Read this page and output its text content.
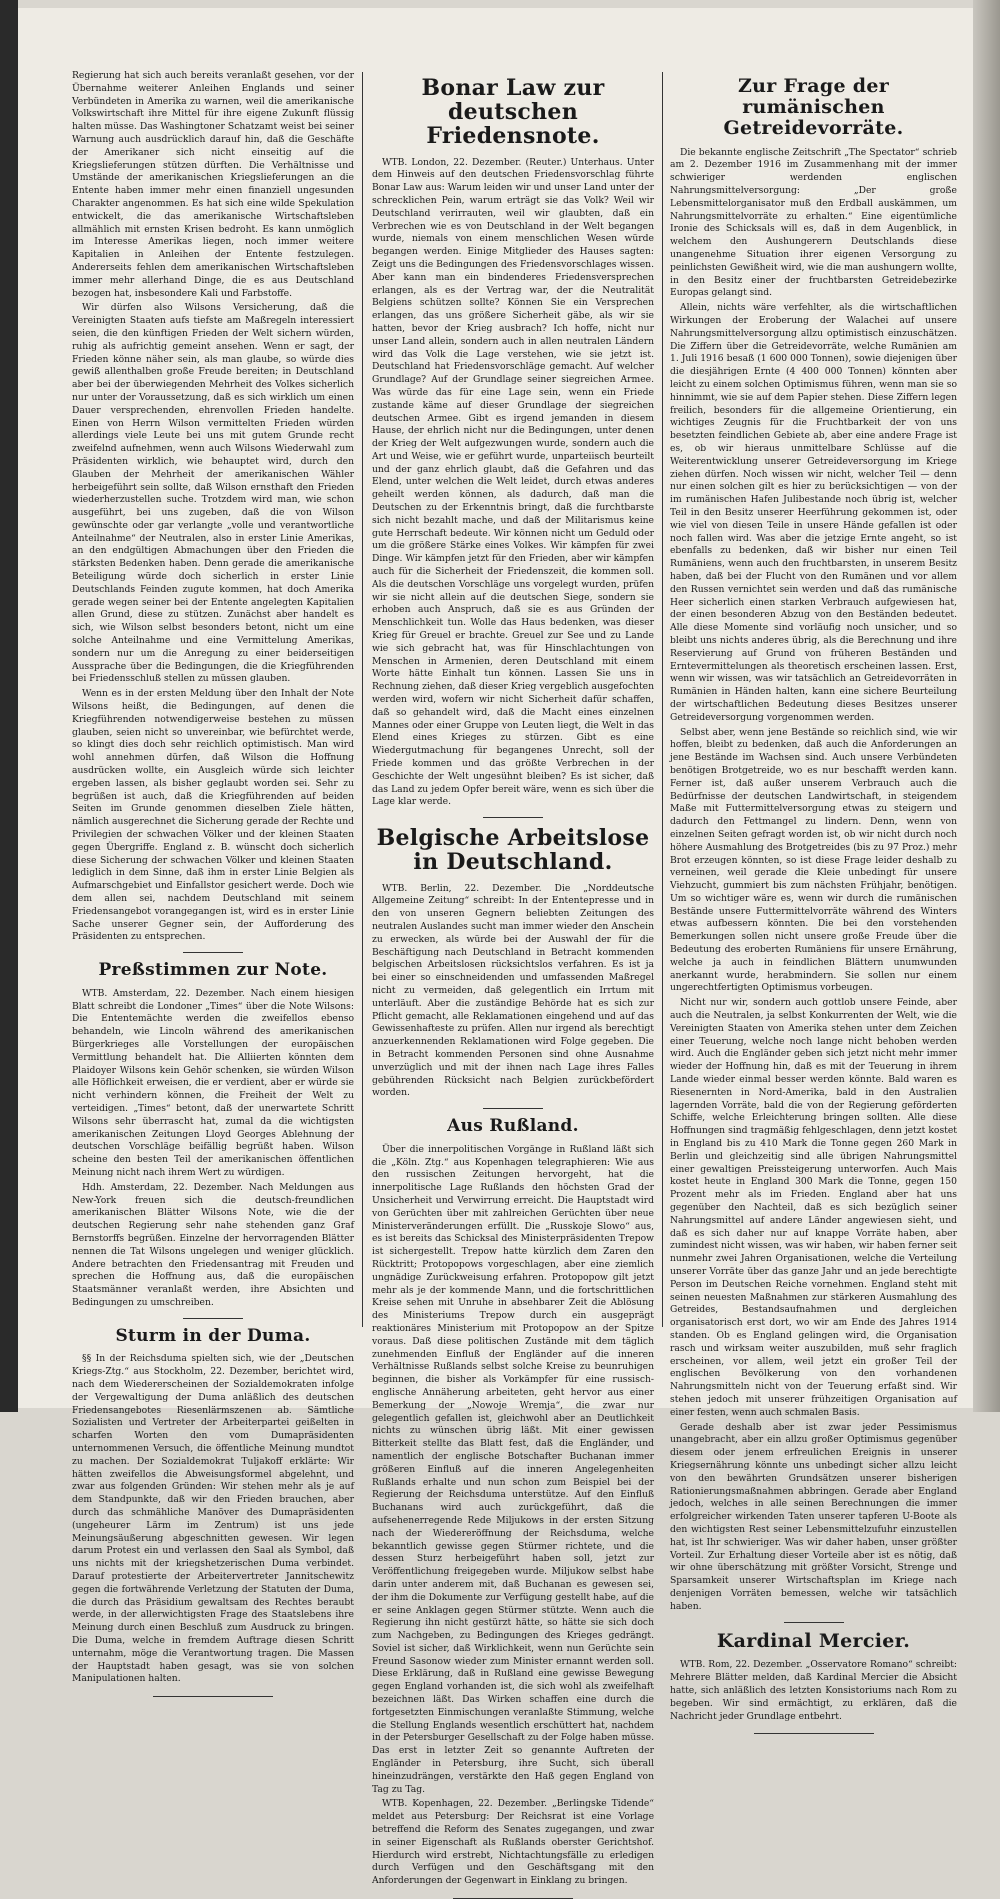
Regierung hat sich auch bereits veranlaßt gesehen, vor der Übernahme weiterer Anleihen Englands und seiner Verbündeten in Amerika zu warnen, weil die amerikanische Volkswirtschaft ihre Mittel für ihre eigene Zukunft flüssig halten müsse. Das Washingtoner Schatzamt weist bei seiner Warnung auch ausdrücklich darauf hin, daß die Geschäfte der Amerikaner sich nicht einseitig auf die Kriegslieferungen stützen dürften. Die Verhältnisse und Umstände der amerikanischen Kriegslieferungen an die Entente haben immer mehr einen finanziell ungesunden Charakter angenommen. Es hat sich eine wilde Spekulation entwickelt, die das amerikanische Wirtschaftsleben allmählich mit ernsten Krisen bedroht. Es kann unmöglich im Interesse Amerikas liegen, noch immer weitere Kapitalien in Anleihen der Entente festzulegen. Andererseits fehlen dem amerikanischen Wirtschaftsleben immer mehr allerhand Dinge, die es aus Deutschland bezogen hat, insbesondere Kali und Farbstoffe.

Wir dürfen also Wilsons Versicherung, daß die Vereinigten Staaten aufs tiefste am Maßregeln interessiert seien, die den künftigen Frieden der Welt sichern würden, ruhig als aufrichtig gemeint ansehen. Wenn er sagt, der Frieden könne näher sein, als man glaube, so würde dies gewiß allenthalben große Freude bereiten; in Deutschland aber bei der überwiegenden Mehrheit des Volkes sicherlich nur unter der Voraussetzung, daß es sich wirklich um einen Dauer versprechenden, ehrenvollen Frieden handelte. Einen von Herrn Wilson vermittelten Frieden würden allerdings viele Leute bei uns mit gutem Grunde recht zweifelnd aufnehmen, wenn auch Wilsons Wiederwahl zum Präsidenten wirklich, wie behauptet wird, durch den Glauben der Mehrheit der amerikanischen Wähler herbeigeführt sein sollte, daß Wilson ernsthaft den Frieden wiederherzustellen suche. Trotzdem wird man, wie schon ausgeführt, bei uns zugeben, daß die von Wilson gewünschte oder gar verlangte „volle und verantwortliche Anteilnahme“ der Neutralen, also in erster Linie Amerikas, an den endgültigen Abmachungen über den Frieden die stärksten Bedenken haben. Denn gerade die amerikanische Beteiligung würde doch sicherlich in erster Linie Deutschlands Feinden zugute kommen, hat doch Amerika gerade wegen seiner bei der Entente angelegten Kapitalien allen Grund, diese zu stützen. Zunächst aber handelt es sich, wie Wilson selbst besonders betont, nicht um eine solche Anteilnahme und eine Vermittelung Amerikas, sondern nur um die Anregung zu einer beiderseitigen Aussprache über die Bedingungen, die die Kriegführenden bei Friedensschluß stellen zu müssen glauben.

Wenn es in der ersten Meldung über den Inhalt der Note Wilsons heißt, die Bedingungen, auf denen die Kriegführenden notwendigerweise bestehen zu müssen glauben, seien nicht so unvereinbar, wie befürchtet werde, so klingt dies doch sehr reichlich optimistisch. Man wird wohl annehmen dürfen, daß Wilson die Hoffnung ausdrücken wollte, ein Ausgleich würde sich leichter ergeben lassen, als bisher geglaubt worden sei. Sehr zu begrüßen ist auch, daß die Kriegführenden auf beiden Seiten im Grunde genommen dieselben Ziele hätten, nämlich ausgerechnet die Sicherung gerade der Rechte und Privilegien der schwachen Völker und der kleinen Staaten gegen Übergriffe. England z. B. wünscht doch sicherlich diese Sicherung der schwachen Völker und kleinen Staaten lediglich in dem Sinne, daß ihm in erster Linie Belgien als Aufmarschgebiet und Einfallstor gesichert werde. Doch wie dem allen sei, nachdem Deutschland mit seinem Friedensangebot vorangegangen ist, wird es in erster Linie Sache unserer Gegner sein, der Aufforderung des Präsidenten zu entsprechen.

Preßstimmen zur Note.

WTB. Amsterdam, 22. Dezember. Nach einem hiesigen Blatt schreibt die Londoner „Times“ über die Note Wilsons: Die Ententemächte werden die zweifellos ebenso behandeln, wie Lincoln während des amerikanischen Bürgerkrieges alle Vorstellungen der europäischen Vermittlung behandelt hat. Die Alliierten könnten dem Plaidoyer Wilsons kein Gehör schenken, sie würden Wilson alle Höflichkeit erweisen, die er verdient, aber er würde sie nicht verhindern können, die Freiheit der Welt zu verteidigen. „Times“ betont, daß der unerwartete Schritt Wilsons sehr überrascht hat, zumal da die wichtigsten amerikanischen Zeitungen Lloyd Georges Ablehnung der deutschen Vorschläge beifällig begrüßt haben. Wilson scheine den besten Teil der amerikanischen öffentlichen Meinung nicht nach ihrem Wert zu würdigen.

Hdh. Amsterdam, 22. Dezember. Nach Meldungen aus New-York freuen sich die deutsch-freundlichen amerikanischen Blätter Wilsons Note, wie die der deutschen Regierung sehr nahe stehenden ganz Graf Bernstorffs begrüßen. Einzelne der hervorragenden Blätter nennen die Tat Wilsons ungelegen und weniger glücklich. Andere betrachten den Friedensantrag mit Freuden und sprechen die Hoffnung aus, daß die europäischen Staatsmänner veranlaßt werden, ihre Absichten und Bedingungen zu umschreiben.

Sturm in der Duma.

§§ In der Reichsduma spielten sich, wie der „Deutschen Kriegs-Ztg.“ aus Stockholm, 22. Dezember, berichtet wird, nach dem Wiedererscheinen der Sozialdemokraten infolge der Vergewaltigung der Duma anläßlich des deutschen Friedensangebotes Riesenlärmszenen ab. Sämtliche Sozialisten und Vertreter der Arbeiterpartei geißelten in scharfen Worten den vom Dumapräsidenten unternommenen Versuch, die öffentliche Meinung mundtot zu machen. Der Sozialdemokrat Tuljakoff erklärte: Wir hätten zweifellos die Abweisungsformel abgelehnt, und zwar aus folgenden Gründen: Wir stehen mehr als je auf dem Standpunkte, daß wir den Frieden brauchen, aber durch das schmähliche Manöver des Dumapräsidenten (ungeheurer Lärm im Zentrum) ist uns jede Meinungsäußerung abgeschnitten gewesen. Wir legen darum Protest ein und verlassen den Saal als Symbol, daß uns nichts mit der kriegshetzerischen Duma verbindet. Darauf protestierte der Arbeitervertreter Jannitschewitz gegen die fortwährende Verletzung der Statuten der Duma, die durch das Präsidium gewaltsam des Rechtes beraubt werde, in der allerwichtigsten Frage des Staatslebens ihre Meinung durch einen Beschluß zum Ausdruck zu bringen. Die Duma, welche in fremdem Auftrage diesen Schritt unternahm, möge die Verantwortung tragen. Die Massen der Hauptstadt haben gesagt, was sie von solchen Manipulationen halten.

Bonar Law zur deutschen Friedensnote.

WTB. London, 22. Dezember. (Reuter.) Unterhaus. Unter dem Hinweis auf den deutschen Friedensvorschlag führte Bonar Law aus: Warum leiden wir und unser Land unter der schrecklichen Pein, warum erträgt sie das Volk? Weil wir Deutschland verirrauten, weil wir glaubten, daß ein Verbrechen wie es von Deutschland in der Welt begangen wurde, niemals von einem menschlichen Wesen würde begangen werden. Einige Mitglieder des Hauses sagten: Zeigt uns die Bedingungen des Friedensvorschlages wissen. Aber kann man ein bindenderes Friedensversprechen erlangen, als es der Vertrag war, der die Neutralität Belgiens schützen sollte? Können Sie ein Versprechen erlangen, das uns größere Sicherheit gäbe, als wir sie hatten, bevor der Krieg ausbrach? Ich hoffe, nicht nur unser Land allein, sondern auch in allen neutralen Ländern wird das Volk die Lage verstehen, wie sie jetzt ist. Deutschland hat Friedensvorschläge gemacht. Auf welcher Grundlage? Auf der Grundlage seiner siegreichen Armee. Was würde das für eine Lage sein, wenn ein Friede zustande käme auf dieser Grundlage der siegreichen deutschen Armee. Gibt es irgend jemanden in diesem Hause, der ehrlich nicht nur die Bedingungen, unter denen der Krieg der Welt aufgezwungen wurde, sondern auch die Art und Weise, wie er geführt wurde, unparteiisch beurteilt und der ganz ehrlich glaubt, daß die Gefahren und das Elend, unter welchen die Welt leidet, durch etwas anderes geheilt werden können, als dadurch, daß man die Deutschen zu der Erkenntnis bringt, daß die furchtbarste sich nicht bezahlt mache, und daß der Militarismus keine gute Herrschaft bedeute. Wir können nicht um Geduld oder um die größere Stärke eines Volkes. Wir kämpfen für zwei Dinge. Wir kämpfen jetzt für den Frieden, aber wir kämpfen auch für die Sicherheit der Friedenszeit, die kommen soll. Als die deutschen Vorschläge uns vorgelegt wurden, prüfen wir sie nicht allein auf die deutschen Siege, sondern sie erhoben auch Anspruch, daß sie es aus Gründen der Menschlichkeit tun. Wolle das Haus bedenken, was dieser Krieg für Greuel er brachte. Greuel zur See und zu Lande wie sich gebracht hat, was für Hinschlachtungen von Menschen in Armenien, deren Deutschland mit einem Worte hätte Einhalt tun können. Lassen Sie uns in Rechnung ziehen, daß dieser Krieg vergeblich ausgefochten werden wird, wofern wir nicht Sicherheit dafür schaffen, daß so gehandelt wird, daß die Macht eines einzelnen Mannes oder einer Gruppe von Leuten liegt, die Welt in das Elend eines Krieges zu stürzen. Gibt es eine Wiedergutmachung für begangenes Unrecht, soll der Friede kommen und das größte Verbrechen in der Geschichte der Welt ungesühnt bleiben? Es ist sicher, daß das Land zu jedem Opfer bereit wäre, wenn es sich über die Lage klar werde.

Belgische Arbeitslose in Deutschland.

WTB. Berlin, 22. Dezember. Die „Norddeutsche Allgemeine Zeitung“ schreibt: In der Ententepresse und in den von unseren Gegnern beliebten Zeitungen des neutralen Auslandes sucht man immer wieder den Anschein zu erwecken, als würde bei der Auswahl der für die Beschäftigung nach Deutschland in Betracht kommenden belgischen Arbeitslosen rücksichtslos verfahren. Es ist ja bei einer so einschneidenden und umfassenden Maßregel nicht zu vermeiden, daß gelegentlich ein Irrtum mit unterläuft. Aber die zuständige Behörde hat es sich zur Pflicht gemacht, alle Reklamationen eingehend und auf das Gewissenhafteste zu prüfen. Allen nur irgend als berechtigt anzuerkennenden Reklamationen wird Folge gegeben. Die in Betracht kommenden Personen sind ohne Ausnahme unverzüglich und mit der ihnen nach Lage ihres Falles gebührenden Rücksicht nach Belgien zurückbefördert worden.

Aus Rußland.

Über die innerpolitischen Vorgänge in Rußland läßt sich die „Köln. Ztg.“ aus Kopenhagen telegraphieren: Wie aus den russischen Zeitungen hervorgeht, hat die innerpolitische Lage Rußlands den höchsten Grad der Unsicherheit und Verwirrung erreicht. Die Hauptstadt wird von Gerüchten über mit zahlreichen Gerüchten über neue Ministerveränderungen erfüllt. Die „Russkoje Slowo“ aus, es ist bereits das Schicksal des Ministerpräsidenten Trepow ist sichergestellt. Trepow hatte kürzlich dem Zaren den Rücktritt; Protopopows vorgeschlagen, aber eine ziemlich ungnädige Zurückweisung erfahren. Protopopow gilt jetzt mehr als je der kommende Mann, und die fortschrittlichen Kreise sehen mit Unruhe in absehbarer Zeit die Ablösung des Ministeriums Trepow durch ein ausgeprägt reaktionäres Ministerium mit Protopopow an der Spitze voraus. Daß diese politischen Zustände mit dem täglich zunehmenden Einfluß der Engländer auf die inneren Verhältnisse Rußlands selbst solche Kreise zu beunruhigen beginnen, die bisher als Vorkämpfer für eine russisch-englische Annäherung arbeiteten, geht hervor aus einer Bemerkung der „Nowoje Wremja“, die zwar nur gelegentlich gefallen ist, gleichwohl aber an Deutlichkeit nichts zu wünschen übrig läßt. Mit einer gewissen Bitterkeit stellte das Blatt fest, daß die Engländer, und namentlich der englische Botschafter Buchanan immer größeren Einfluß auf die inneren Angelegenheiten Rußlands erhalte und nun schon zum Beispiel bei der Regierung der Reichsduma unterstütze. Auf den Einfluß Buchanans wird auch zurückgeführt, daß die aufsehenerregende Rede Miljukows in der ersten Sitzung nach der Wiedereröffnung der Reichsduma, welche bekanntlich gewisse gegen Stürmer richtete, und die dessen Sturz herbeigeführt haben soll, jetzt zur Veröffentlichung freigegeben wurde. Miljukow selbst habe darin unter anderem mit, daß Buchanan es gewesen sei, der ihm die Dokumente zur Verfügung gestellt habe, auf die er seine Anklagen gegen Stürmer stützte. Wenn auch die Regierung ihn nicht gestürzt hätte, so hätte sie sich doch zum Nachgeben, zu Bedingungen des Krieges gedrängt. Soviel ist sicher, daß Wirklichkeit, wenn nun Gerüchte sein Freund Sasonow wieder zum Minister ernannt werden soll. Diese Erklärung, daß in Rußland eine gewisse Bewegung gegen England vorhanden ist, die sich wohl als zweifelhaft bezeichnen läßt. Das Wirken schaffen eine durch die fortgesetzten Einmischungen veranlaßte Stimmung, welche die Stellung Englands wesentlich erschüttert hat, nachdem in der Petersburger Gesellschaft zu der Folge haben müsse. Das erst in letzter Zeit so genannte Auftreten der Engländer in Petersburg, ihre Sucht, sich überall hineinzudrängen, verstärkte den Haß gegen England von Tag zu Tag.

WTB. Kopenhagen, 22. Dezember. „Berlingske Tidende“ meldet aus Petersburg: Der Reichsrat ist eine Vorlage betreffend die Reform des Senates zugegangen, und zwar in seiner Eigenschaft als Rußlands oberster Gerichtshof. Hierdurch wird erstrebt, Nichtachtungsfälle zu erledigen durch Verfügen und den Geschäftsgang mit den Anforderungen der Gegenwart in Einklang zu bringen.

Zur Frage der rumänischen Getreidevorräte.

Die bekannte englische Zeitschrift „The Spectator“ schrieb am 2. Dezember 1916 im Zusammenhang mit der immer schwieriger werdenden englischen Nahrungsmittelversorgung: „Der große Lebensmittelorganisator muß den Erdball auskämmen, um Nahrungsmittelvorräte zu erhalten.“ Eine eigentümliche Ironie des Schicksals will es, daß in dem Augenblick, in welchem den Aushungerern Deutschlands diese unangenehme Situation ihrer eigenen Versorgung zu peinlichsten Gewißheit wird, wie die man aushungern wollte, in den Besitz einer der fruchtbarsten Getreidebezirke Europas gelangt sind.

Allein, nichts wäre verfehlter, als die wirtschaftlichen Wirkungen der Eroberung der Walachei auf unsere Nahrungsmittelversorgung allzu optimistisch einzuschätzen. Die Ziffern über die Getreidevorräte, welche Rumänien am 1. Juli 1916 besaß (1 600 000 Tonnen), sowie diejenigen über die diesjährigen Ernte (4 400 000 Tonnen) könnten aber leicht zu einem solchen Optimismus führen, wenn man sie so hinnimmt, wie sie auf dem Papier stehen. Diese Ziffern legen freilich, besonders für die allgemeine Orientierung, ein wichtiges Zeugnis für die Fruchtbarkeit der von uns besetzten feindlichen Gebiete ab, aber eine andere Frage ist es, ob wir hieraus unmittelbare Schlüsse auf die Weiterentwicklung unserer Getreideversorgung im Kriege ziehen dürfen. Noch wissen wir nicht, welcher Teil — denn nur einen solchen gilt es hier zu berücksichtigen — von der im rumänischen Hafen Julibestande noch übrig ist, welcher Teil in den Besitz unserer Heerführung gekommen ist, oder wie viel von diesen Teile in unsere Hände gefallen ist oder noch fallen wird. Was aber die jetzige Ernte angeht, so ist ebenfalls zu bedenken, daß wir bisher nur einen Teil Rumäniens, wenn auch den fruchtbarsten, in unserem Besitz haben, daß bei der Flucht von den Rumänen und vor allem den Russen vernichtet sein werden und daß das rumänische Heer sicherlich einen starken Verbrauch aufgewiesen hat, der einen besonderen Abzug von den Beständen bedeutet. Alle diese Momente sind vorläufig noch unsicher, und so bleibt uns nichts anderes übrig, als die Berechnung und ihre Reservierung auf Grund von früheren Beständen und Erntevermittelungen als theoretisch erscheinen lassen. Erst, wenn wir wissen, was wir tatsächlich an Getreidevorräten in Rumänien in Händen halten, kann eine sichere Beurteilung der wirtschaftlichen Bedeutung dieses Besitzes unserer Getreideversorgung vorgenommen werden.

Selbst aber, wenn jene Bestände so reichlich sind, wie wir hoffen, bleibt zu bedenken, daß auch die Anforderungen an jene Bestände im Wachsen sind. Auch unsere Verbündeten benötigen Brotgetreide, wo es nur beschafft werden kann. Ferner ist, daß außer unserem Verbrauch auch die Bedürfnisse der deutschen Landwirtschaft, in steigendem Maße mit Futtermittelversorgung etwas zu steigern und dadurch den Fettmangel zu lindern. Denn, wenn von einzelnen Seiten gefragt worden ist, ob wir nicht durch noch höhere Ausmahlung des Brotgetreides (bis zu 97 Proz.) mehr Brot erzeugen könnten, so ist diese Frage leider deshalb zu verneinen, weil gerade die Kleie unbedingt für unsere Viehzucht, gummiert bis zum nächsten Frühjahr, benötigen. Um so wichtiger wäre es, wenn wir durch die rumänischen Bestände unsere Futtermittelvorräte während des Winters etwas aufbessern könnten. Die bei den vorstehenden Bemerkungen sollen nicht unsere große Freude über die Bedeutung des eroberten Rumäniens für unsere Ernährung, welche ja auch in feindlichen Blättern unumwunden anerkannt wurde, herabmindern. Sie sollen nur einem ungerechtfertigten Optimismus vorbeugen.

Nicht nur wir, sondern auch gottlob unsere Feinde, aber auch die Neutralen, ja selbst Konkurrenten der Welt, wie die Vereinigten Staaten von Amerika stehen unter dem Zeichen einer Teuerung, welche noch lange nicht behoben werden wird. Auch die Engländer geben sich jetzt nicht mehr immer wieder der Hoffnung hin, daß es mit der Teuerung in ihrem Lande wieder einmal besser werden könnte. Bald waren es Riesenernten in Nord-Amerika, bald in den Australien lagernden Vorräte, bald die von der Regierung geförderten Schiffe, welche Erleichterung bringen sollten. Alle diese Hoffnungen sind tragmäßig fehlgeschlagen, denn jetzt kostet in England bis zu 410 Mark die Tonne gegen 260 Mark in Berlin und gleichzeitig sind alle übrigen Nahrungsmittel einer gewaltigen Preissteigerung unterworfen. Auch Mais kostet heute in England 300 Mark die Tonne, gegen 150 Prozent mehr als im Frieden. England aber hat uns gegenüber den Nachteil, daß es sich bezüglich seiner Nahrungsmittel auf andere Länder angewiesen sieht, und daß es sich daher nur auf knappe Vorräte haben, aber zumindest nicht wissen, was wir haben, wir haben ferner seit nunmehr zwei Jahren Organisationen, welche die Verteilung unserer Vorräte über das ganze Jahr und an jede berechtigte Person im Deutschen Reiche vornehmen. England steht mit seinen neuesten Maßnahmen zur stärkeren Ausmahlung des Getreides, Bestandsaufnahmen und dergleichen organisatorisch erst dort, wo wir am Ende des Jahres 1914 standen. Ob es England gelingen wird, die Organisation rasch und wirksam weiter auszubilden, muß sehr fraglich erscheinen, vor allem, weil jetzt ein großer Teil der englischen Bevölkerung von den vorhandenen Nahrungsmitteln nicht von der Teuerung erfaßt sind. Wir stehen jedoch mit unserer frühzeitigen Organisation auf einer festen, wenn auch schmalen Basis.

Gerade deshalb aber ist zwar jeder Pessimismus unangebracht, aber ein allzu großer Optimismus gegenüber diesem oder jenem erfreulichen Ereignis in unserer Kriegsernährung könnte uns unbedingt sicher allzu leicht von den bewährten Grundsätzen unserer bisherigen Rationierungsmaßnahmen abbringen. Gerade aber England jedoch, welches in alle seinen Berechnungen die immer erfolgreicher wirkenden Taten unserer tapferen U-Boote als den wichtigsten Rest seiner Lebensmittelzufuhr einzustellen hat, ist Ihr schwieriger. Was wir daher haben, unser größter Vorteil. Zur Erhaltung dieser Vorteile aber ist es nötig, daß wir ohne überschätzung mit größter Vorsicht, Strenge und Sparsamkeit unserer Wirtschaftsplan im Kriege nach denjenigen Vorräten bemessen, welche wir tatsächlich haben.

Kardinal Mercier.

WTB. Rom, 22. Dezember. „Osservatore Romano“ schreibt: Mehrere Blätter melden, daß Kardinal Mercier die Absicht hatte, sich anläßlich des letzten Konsistoriums nach Rom zu begeben. Wir sind ermächtigt, zu erklären, daß die Nachricht jeder Grundlage entbehrt.
